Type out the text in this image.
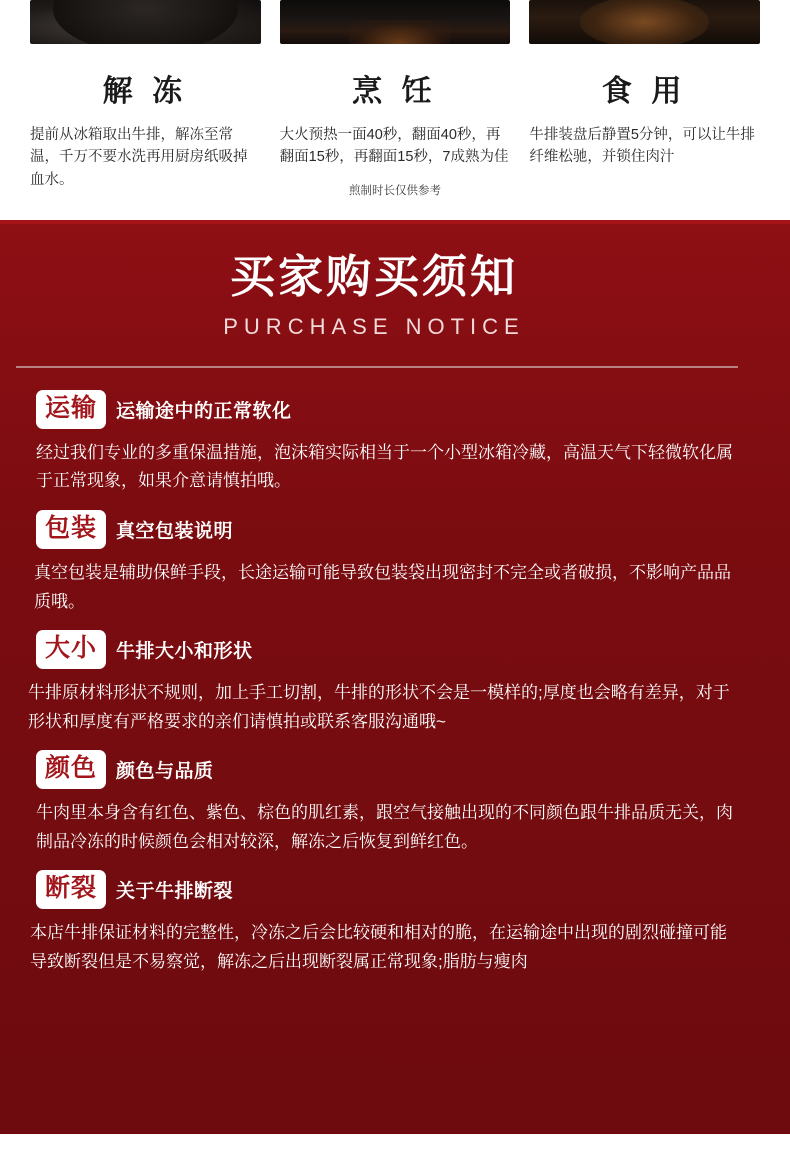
解 冻
提前从冰箱取出牛排，解冻至常温，千万不要水洗再用厨房纸吸掉血水。
烹 饪
大火预热一面40秒，翻面40秒，再翻面15秒，再翻面15秒，7成熟为佳
煎制时长仅供参考
食 用
牛排装盘后静置5分钟，可以让牛排纤维松驰，并锁住肉汁
买家购买须知
PURCHASE NOTICE
运输	运输途中的正常软化
经过我们专业的多重保温措施，泡沫箱实际相当于一个小型冰箱冷藏，高温天气下轻微软化属于正常现象，如果介意请慎拍哦。
包装	真空包装说明
真空包装是辅助保鲜手段，长途运输可能导致包装袋出现密封不完全或者破损，不影响产品品质哦。
大小	牛排大小和形状
牛排原材料形状不规则，加上手工切割，牛排的形状不会是一模样的;厚度也会略有差异，对于形状和厚度有严格要求的亲们请慎拍或联系客服沟通哦~
颜色	颜色与品质
牛肉里本身含有红色、紫色、棕色的肌红素，跟空气接触出现的不同颜色跟牛排品质无关，肉制品冷冻的时候颜色会相对较深，解冻之后恢复到鲜红色。
断裂	关于牛排断裂
本店牛排保证材料的完整性，冷冻之后会比较硬和相对的脆，在运输途中出现的剧烈碰撞可能导致断裂但是不易察觉，解冻之后出现断裂属正常现象;脂肪与瘦肉
